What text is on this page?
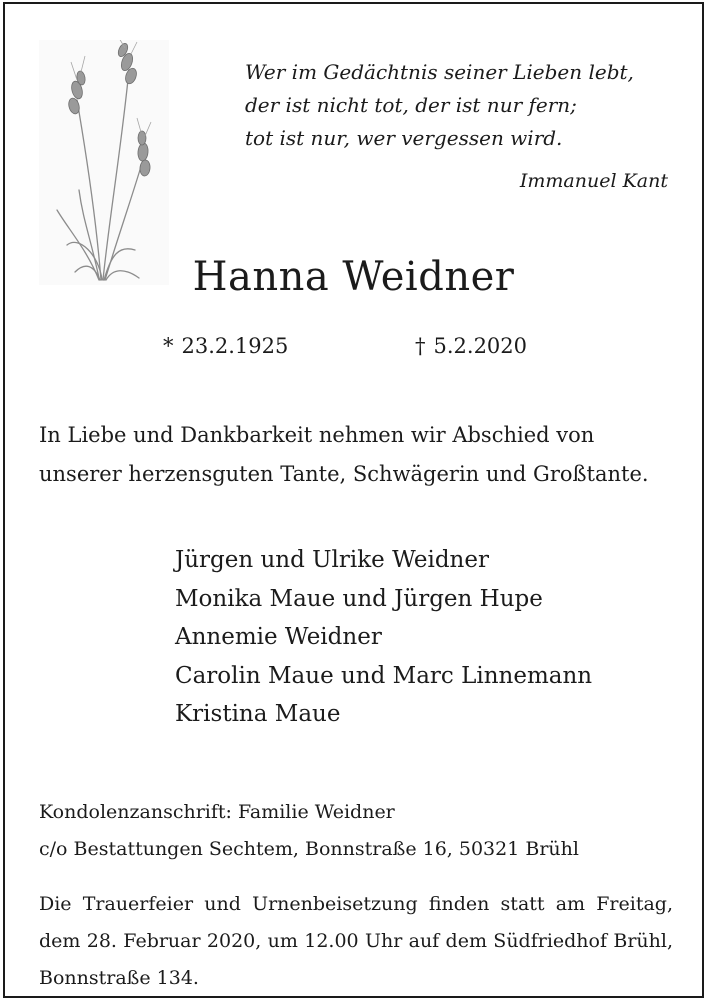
Wer im Gedächtnis seiner Lieben lebt,
der ist nicht tot, der ist nur fern;
tot ist nur, wer vergessen wird.
Immanuel Kant
Hanna Weidner
* 23.2.1925	† 5.2.2020
In Liebe und Dankbarkeit nehmen wir Abschied von unserer herzensguten Tante, Schwägerin und Großtante.
Jürgen und Ulrike Weidner
Monika Maue und Jürgen Hupe
Annemie Weidner
Carolin Maue und Marc Linnemann
Kristina Maue
Kondolenzanschrift: Familie Weidner
c/o Bestattungen Sechtem, Bonnstraße 16, 50321 Brühl
Die Trauerfeier und Urnenbeisetzung finden statt am Freitag, dem 28. Februar 2020, um 12.00 Uhr auf dem Südfriedhof Brühl, Bonnstraße 134.
